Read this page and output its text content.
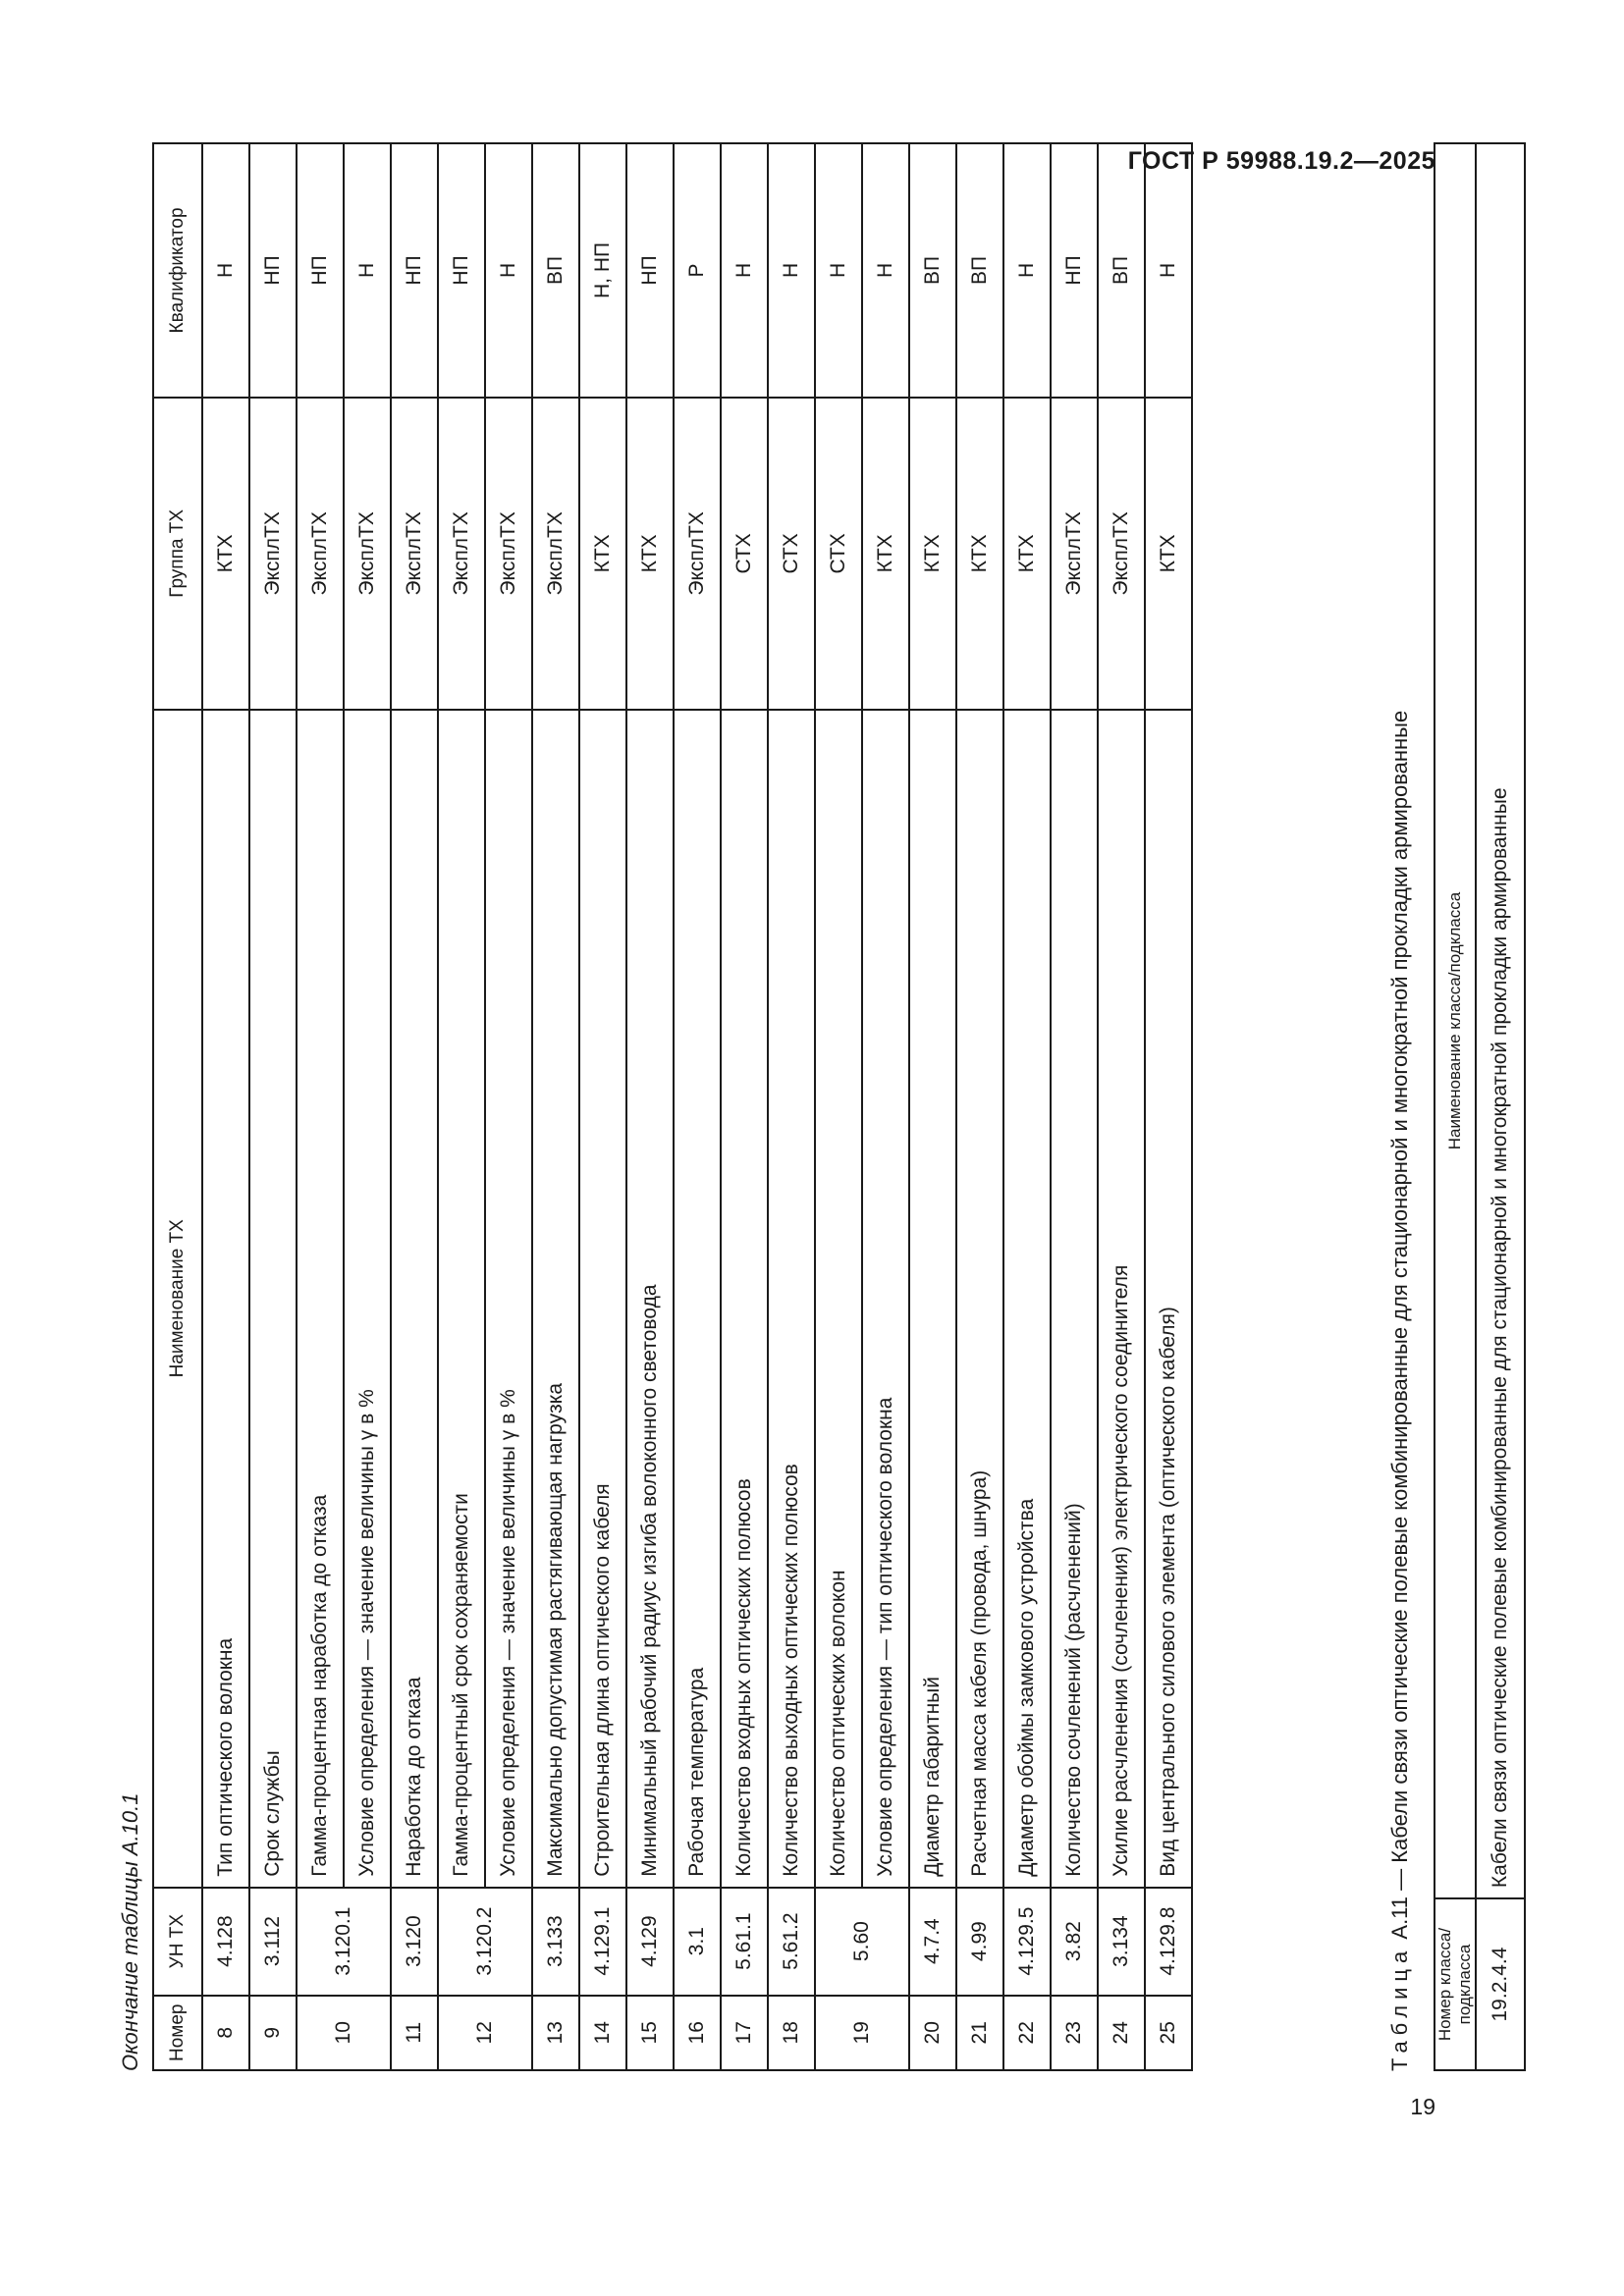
ГОСТ Р 59988.19.2—2025
Окончание таблицы А.10.1	Номер	УН ТХ	Наименование ТХ	Группа ТХ	Квалификатор
8	4.128	Тип оптического волокна	КТХ	Н
9	3.112	Срок службы	ЭксплТХ	НП
10	3.120.1	Гамма-процентная наработка до отказа	ЭксплТХ	НП
		Условие определения — значение величины γ в %	ЭксплТХ	Н
11	3.120	Наработка до отказа	ЭксплТХ	НП
12	3.120.2	Гамма-процентный срок сохраняемости	ЭксплТХ	НП
		Условие определения — значение величины γ в %	ЭксплТХ	Н
13	3.133	Максимально допустимая растягивающая нагрузка	ЭксплТХ	ВП
14	4.129.1	Строительная длина оптического кабеля	КТХ	Н, НП
15	4.129	Минимальный рабочий радиус изгиба волоконного световода	КТХ	НП
16	3.1	Рабочая температура	ЭксплТХ	Р
17	5.61.1	Количество входных оптических полюсов	СТХ	Н
18	5.61.2	Количество выходных оптических полюсов	СТХ	Н
19	5.60	Количество оптических волокон	СТХ	Н
		Условие определения — тип оптического волокна	КТХ	Н
20	4.7.4	Диаметр габаритный	КТХ	ВП
21	4.99	Расчетная масса кабеля (провода, шнура)	КТХ	ВП
22	4.129.5	Диаметр обоймы замкового устройства	КТХ	Н
23	3.82	Количество сочленений (расчленений)	ЭксплТХ	НП
24	3.134	Усилие расчленения (сочленения) электрического соединителя	ЭксплТХ	ВП
25	4.129.8	Вид центрального силового элемента (оптического кабеля)	КТХ	Н
Таблица А.11 — Кабели связи оптические полевые комбинированные для стационарной и многократной прокладки армированные
Номер класса/подкласса	Наименование класса/подкласса
19.2.4.4	Кабели связи оптические полевые комбинированные для стационарной и многократной прокладки армированные
19
